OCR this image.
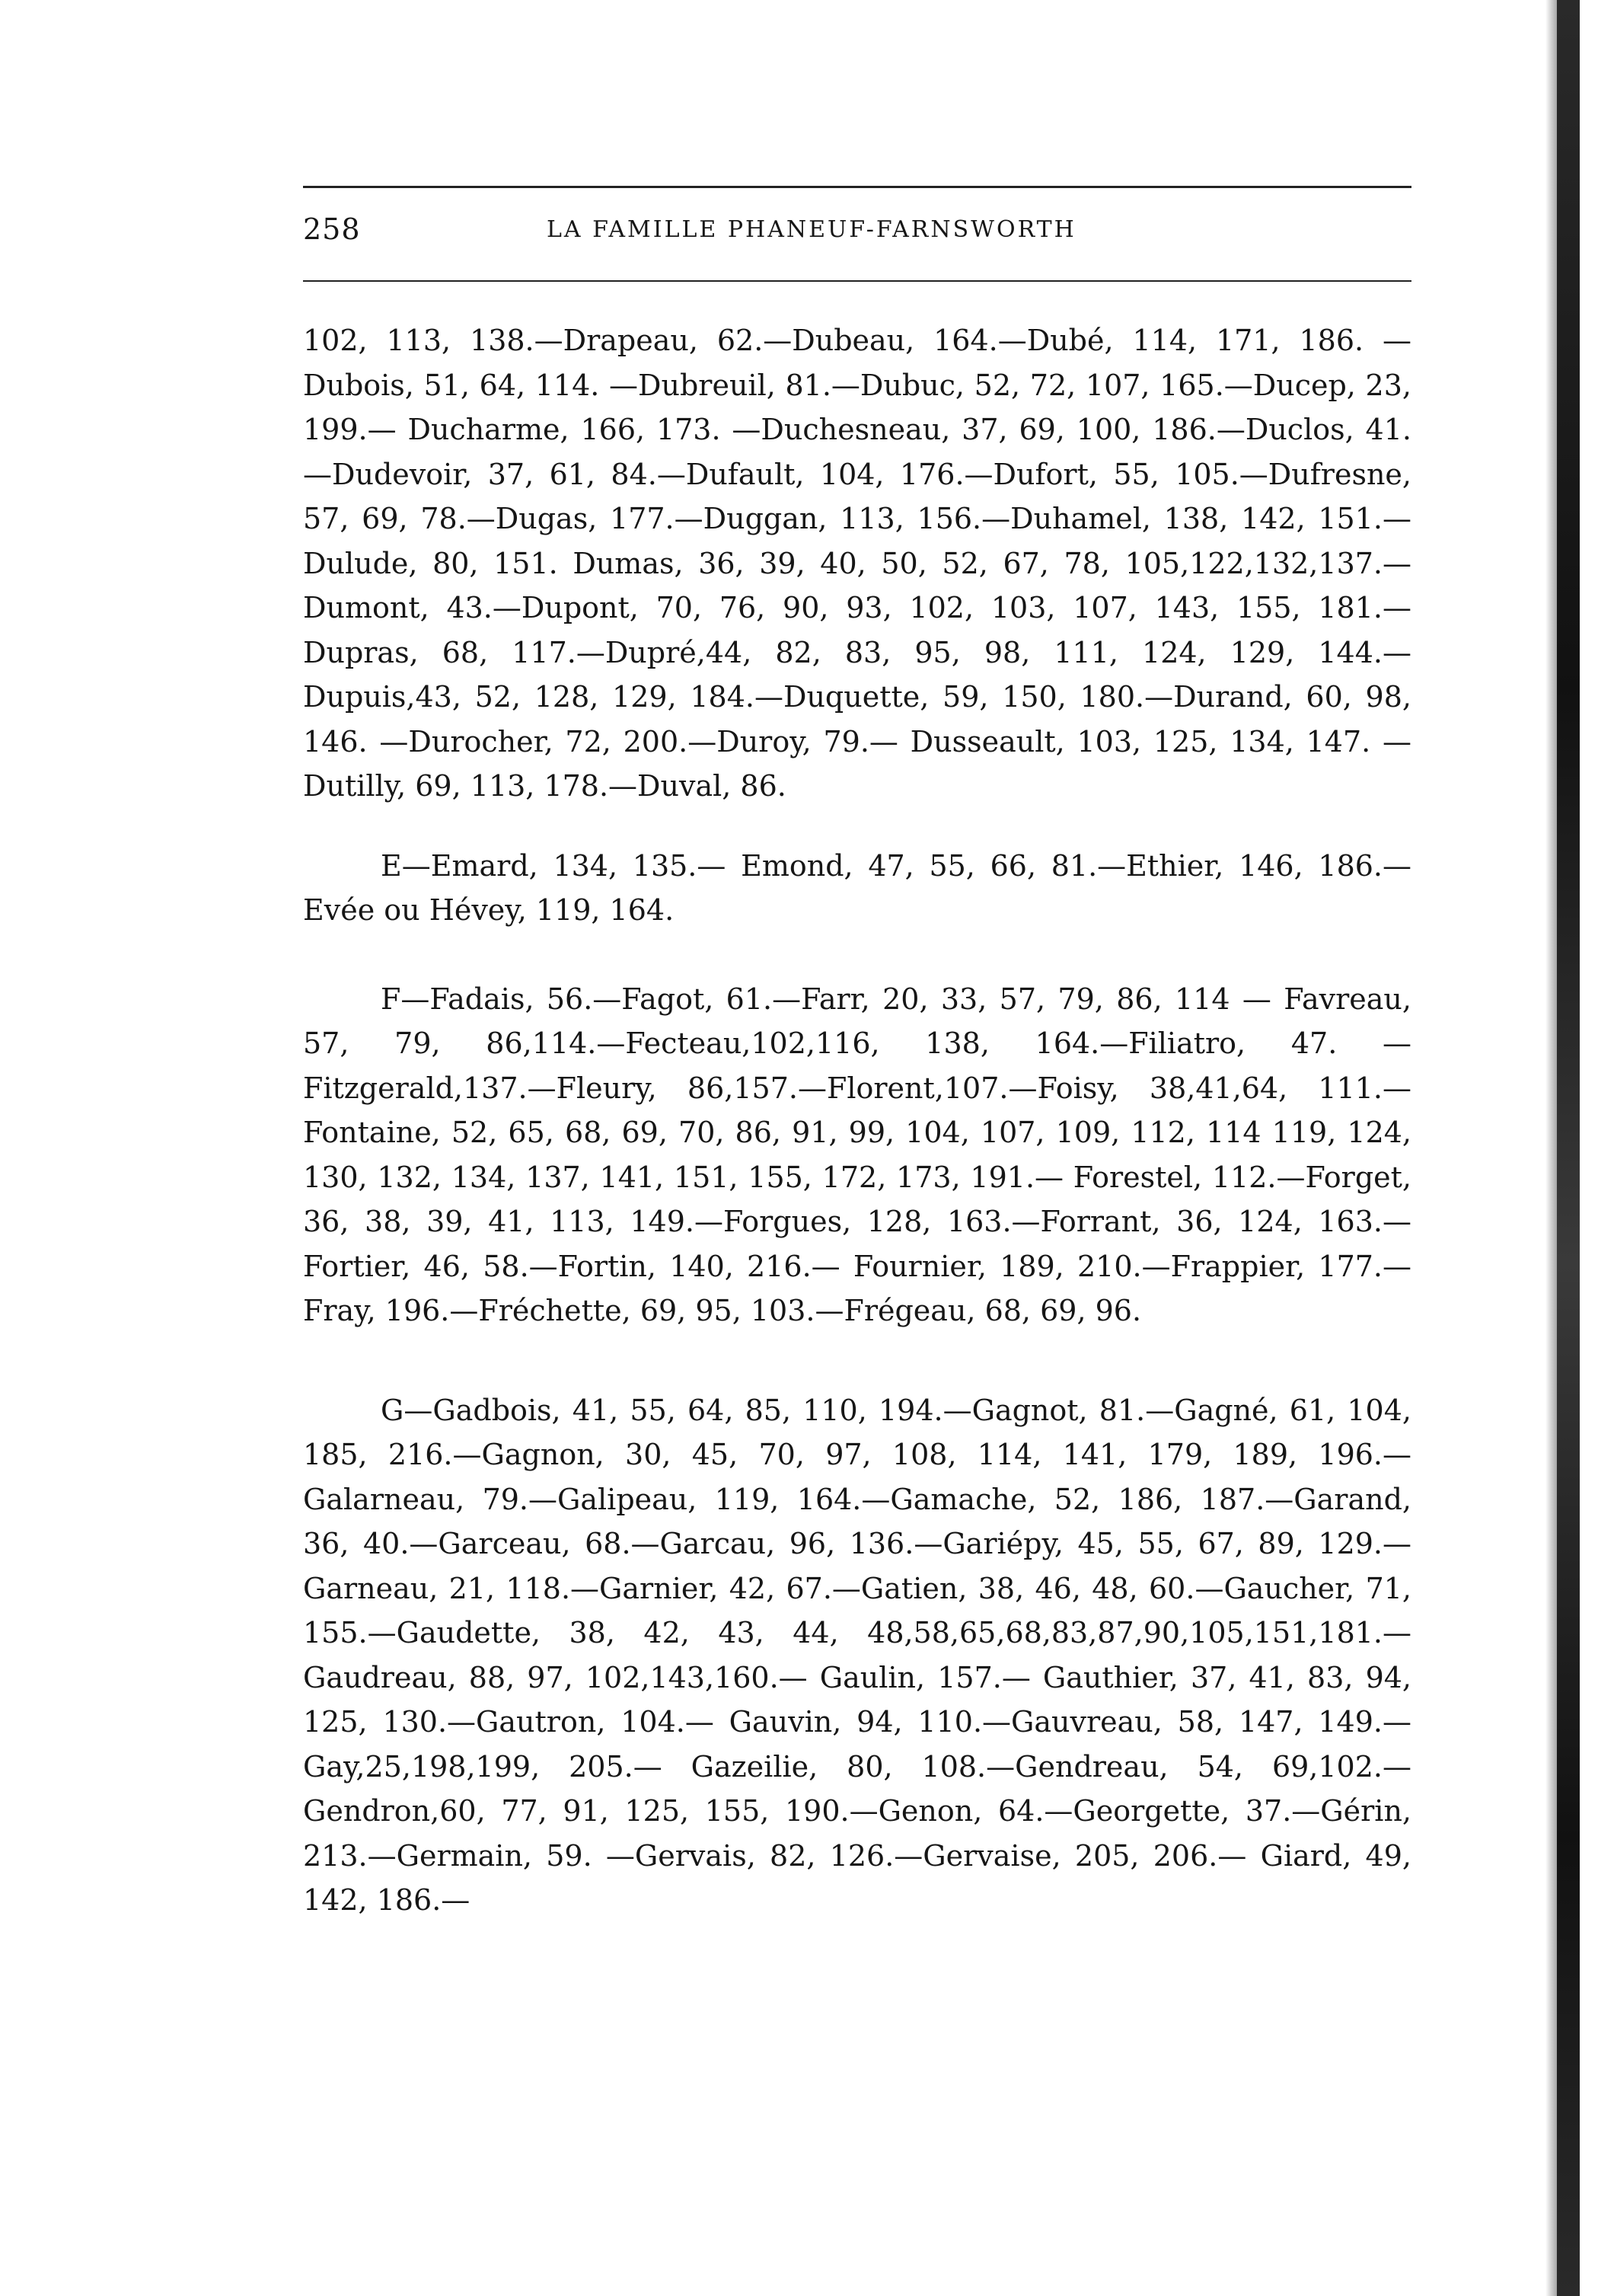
258	LA FAMILLE PHANEUF-FARNSWORTH

102, 113, 138.—Drapeau, 62.—Dubeau, 164.—Dubé, 114, 171, 186. —Dubois, 51, 64, 114. —Dubreuil, 81.—Dubuc, 52, 72, 107, 165.—Ducep, 23, 199.— Ducharme, 166, 173. —Duchesneau, 37, 69, 100, 186.—Duclos, 41.—Dudevoir, 37, 61, 84.—Dufault, 104, 176.—Dufort, 55, 105.—Dufresne, 57, 69, 78.—Dugas, 177.—Duggan, 113, 156.—Duhamel, 138, 142, 151.—Dulude, 80, 151. Dumas, 36, 39, 40, 50, 52, 67, 78, 105,122,132,137.— Dumont, 43.—Dupont, 70, 76, 90, 93, 102, 103, 107, 143, 155, 181.—Dupras, 68, 117.—Dupré,44, 82, 83, 95, 98, 111, 124, 129, 144.—Dupuis,43, 52, 128, 129, 184.—Duquette, 59, 150, 180.—Durand, 60, 98, 146. —Durocher, 72, 200.—Duroy, 79.— Dusseault, 103, 125, 134, 147. —Dutilly, 69, 113, 178.—Duval, 86.

E—Emard, 134, 135.— Emond, 47, 55, 66, 81.—Ethier, 146, 186.—Evée ou Hévey, 119, 164.

F—Fadais, 56.—Fagot, 61.—Farr, 20, 33, 57, 79, 86, 114 — Favreau, 57, 79, 86,114.—Fecteau,102,116, 138, 164.—Filiatro, 47. —Fitzgerald,137.—Fleury, 86,157.—Florent,107.—Foisy, 38,41,64, 111.—Fontaine, 52, 65, 68, 69, 70, 86, 91, 99, 104, 107, 109, 112, 114 119, 124, 130, 132, 134, 137, 141, 151, 155, 172, 173, 191.— Forestel, 112.—Forget, 36, 38, 39, 41, 113, 149.—Forgues, 128, 163.—Forrant, 36, 124, 163.—Fortier, 46, 58.—Fortin, 140, 216.— Fournier, 189, 210.—Frappier, 177.—Fray, 196.—Fréchette, 69, 95, 103.—Frégeau, 68, 69, 96.

G—Gadbois, 41, 55, 64, 85, 110, 194.—Gagnot, 81.—Gagné, 61, 104, 185, 216.—Gagnon, 30, 45, 70, 97, 108, 114, 141, 179, 189, 196.—Galarneau, 79.—Galipeau, 119, 164.—Gamache, 52, 186, 187.—Garand, 36, 40.—Garceau, 68.—Garcau, 96, 136.—Gariépy, 45, 55, 67, 89, 129.— Garneau, 21, 118.—Garnier, 42, 67.—Gatien, 38, 46, 48, 60.—Gaucher, 71, 155.—Gaudette, 38, 42, 43, 44, 48,58,65,68,83,87,90,105,151,181.—Gaudreau, 88, 97, 102,143,160.— Gaulin, 157.— Gauthier, 37, 41, 83, 94, 125, 130.—Gautron, 104.— Gauvin, 94, 110.—Gauvreau, 58, 147, 149.—Gay,25,198,199, 205.— Gazeilie, 80, 108.—Gendreau, 54, 69,102.—Gendron,60, 77, 91, 125, 155, 190.—Genon, 64.—Georgette, 37.—Gérin, 213.—Germain, 59. —Gervais, 82, 126.—Gervaise, 205, 206.— Giard, 49, 142, 186.—
